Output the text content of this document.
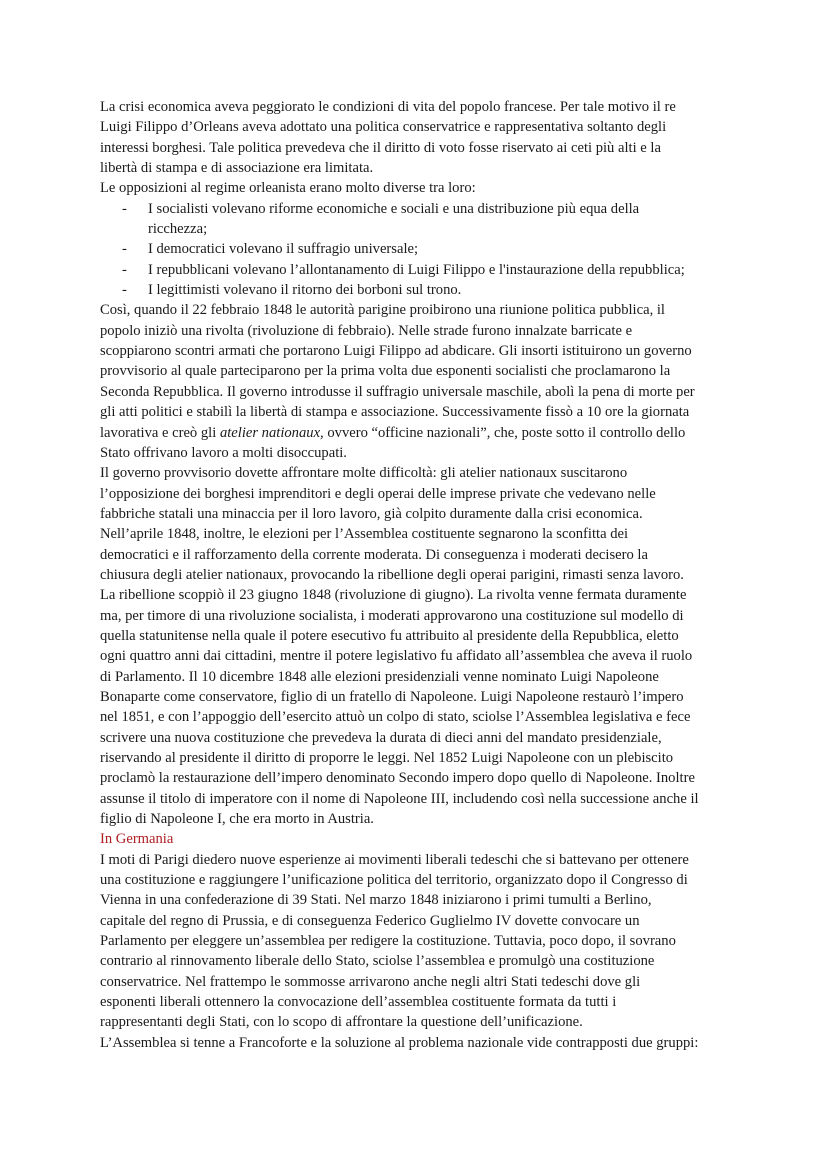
La crisi economica aveva peggiorato le condizioni di vita del popolo francese. Per tale motivo il re
Luigi Filippo d’Orleans aveva adottato una politica conservatrice e rappresentativa soltanto degli
interessi borghesi. Tale politica prevedeva che il diritto di voto fosse riservato ai ceti più alti e la
libertà di stampa e di associazione era limitata.
Le opposizioni al regime orleanista erano molto diverse tra loro:
- I socialisti volevano riforme economiche e sociali e una distribuzione più equa della
ricchezza;
- I democratici volevano il suffragio universale;
- I repubblicani volevano l’allontanamento di Luigi Filippo e l'instaurazione della repubblica;
- I legittimisti volevano il ritorno dei borboni sul trono.
Così, quando il 22 febbraio 1848 le autorità parigine proibirono una riunione politica pubblica, il
popolo iniziò una rivolta (rivoluzione di febbraio). Nelle strade furono innalzate barricate e
scoppiarono scontri armati che portarono Luigi Filippo ad abdicare. Gli insorti istituirono un governo
provvisorio al quale parteciparono per la prima volta due esponenti socialisti che proclamarono la
Seconda Repubblica. Il governo introdusse il suffragio universale maschile, abolì la pena di morte per
gli atti politici e stabilì la libertà di stampa e associazione. Successivamente fissò a 10 ore la giornata
lavorativa e creò gli atelier nationaux, ovvero “officine nazionali”, che, poste sotto il controllo dello
Stato offrivano lavoro a molti disoccupati.
Il governo provvisorio dovette affrontare molte difficoltà: gli atelier nationaux suscitarono
l’opposizione dei borghesi imprenditori e degli operai delle imprese private che vedevano nelle
fabbriche statali una minaccia per il loro lavoro, già colpito duramente dalla crisi economica.
Nell’aprile 1848, inoltre, le elezioni per l’Assemblea costituente segnarono la sconfitta dei
democratici e il rafforzamento della corrente moderata. Di conseguenza i moderati decisero la
chiusura degli atelier nationaux, provocando la ribellione degli operai parigini, rimasti senza lavoro.
La ribellione scoppiò il 23 giugno 1848 (rivoluzione di giugno). La rivolta venne fermata duramente
ma, per timore di una rivoluzione socialista, i moderati approvarono una costituzione sul modello di
quella statunitense nella quale il potere esecutivo fu attribuito al presidente della Repubblica, eletto
ogni quattro anni dai cittadini, mentre il potere legislativo fu affidato all’assemblea che aveva il ruolo
di Parlamento. Il 10 dicembre 1848 alle elezioni presidenziali venne nominato Luigi Napoleone
Bonaparte come conservatore, figlio di un fratello di Napoleone. Luigi Napoleone restaurò l’impero
nel 1851, e con l’appoggio dell’esercito attuò un colpo di stato, sciolse l’Assemblea legislativa e fece
scrivere una nuova costituzione che prevedeva la durata di dieci anni del mandato presidenziale,
riservando al presidente il diritto di proporre le leggi. Nel 1852 Luigi Napoleone con un plebiscito
proclamò la restaurazione dell’impero denominato Secondo impero dopo quello di Napoleone. Inoltre
assunse il titolo di imperatore con il nome di Napoleone III, includendo così nella successione anche il
figlio di Napoleone I, che era morto in Austria.
In Germania
I moti di Parigi diedero nuove esperienze ai movimenti liberali tedeschi che si battevano per ottenere
una costituzione e raggiungere l’unificazione politica del territorio, organizzato dopo il Congresso di
Vienna in una confederazione di 39 Stati. Nel marzo 1848 iniziarono i primi tumulti a Berlino,
capitale del regno di Prussia, e di conseguenza Federico Guglielmo IV dovette convocare un
Parlamento per eleggere un’assemblea per redigere la costituzione. Tuttavia, poco dopo, il sovrano
contrario al rinnovamento liberale dello Stato, sciolse l’assemblea e promulgò una costituzione
conservatrice. Nel frattempo le sommosse arrivarono anche negli altri Stati tedeschi dove gli
esponenti liberali ottennero la convocazione dell’assemblea costituente formata da tutti i
rappresentanti degli Stati, con lo scopo di affrontare la questione dell’unificazione.
L’Assemblea si tenne a Francoforte e la soluzione al problema nazionale vide contrapposti due gruppi:
